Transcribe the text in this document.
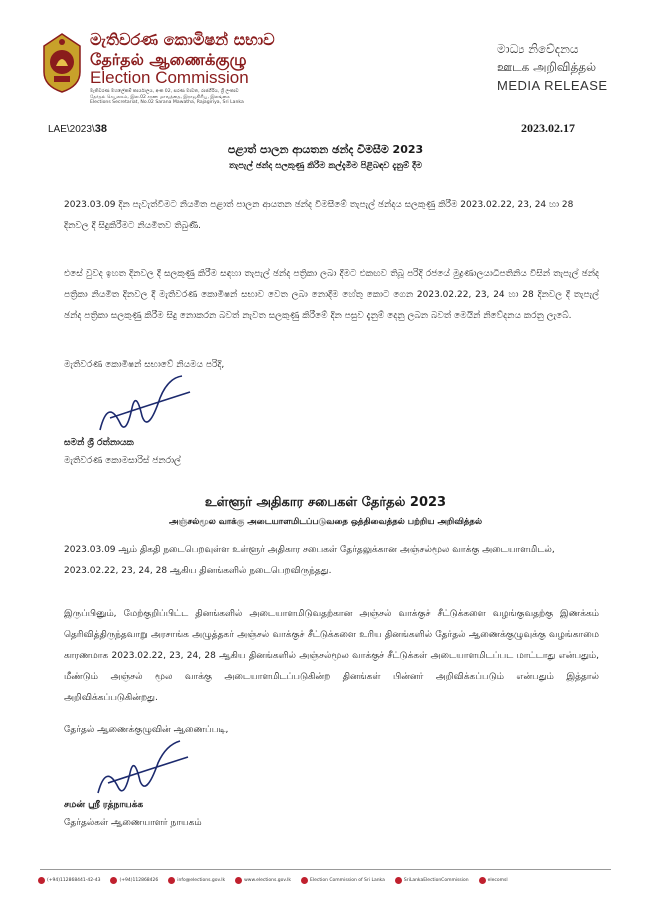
මැතිවරණ කොමිෂන් සභාව
தேர்தல் ஆணைக்குழு
Election Commission
මැතිවරණ මහලේකම් කාර්යාලය, අංක 02, සරණ මාවත, රාජගිරිය, ශ්‍රී ලංකාව
தேர்தல் செயலகம், இல.02 சரண மாவத்தை, இராஜகிரிய, இலங்கை
Elections Secretariat, No.02 Sarana Mawatha, Rajagiriya, Sri Lanka
මාධ්‍ය නිවේදනය
ஊடக அறிவித்தல்
MEDIA RELEASE
LAE\2023\38	2023.02.17
පළාත් පාලන ආයතන ඡන්ද විමසීම 2023
තැපැල් ඡන්ද සලකුණු කිරීම කල්දැමීම පිළිබඳව දැනුම් දීම
2023.03.09 දින පැවැත්වීමට නියමිත පළාත් පාලන ආයතන ඡන්ද විමසීමේ තැපැල් ඡන්දය සලකුණු කිරීම 2023.02.22, 23, 24 හා 28 දිනවල දී සිදුකිරීමට නියමිතව තිබුණි.
එසේ වුවද ඉහත දිනවල දී සලකුණු කිරීම සඳහා තැපැල් ඡන්ද පත්‍රිකා ලබා දීමට එකඟව තිබූ පරිදි රජයේ මුද්‍රණාලයාධිපතිනිය විසින් තැපැල් ඡන්ද පත්‍රිකා නියමිත දිනවල දී මැතිවරණ කොමිෂන් සභාව වෙත ලබා නොදීම හේතු කොට ගෙන 2023.02.22, 23, 24 හා 28 දිනවල දී තැපැල් ඡන්ද පත්‍රිකා සලකුණු කිරීම සිදු නොකරන බවත් නැවත සලකුණු කිරීමේ දින පසුව දැනුම් දෙනු ලබන බවත් මෙයින් නිවේදනය කරනු ලැබේ.
මැතිවරණ කොමිෂන් සභාවේ නියමය පරිදි,
සමන් ශ්‍රී රත්නායක
මැතිවරණ කොමසාරිස් ජනරාල්
உள்ளூர் அதிகார சபைகள் தேர்தல் 2023
அஞ்சல்மூல வாக்கு அடையாளமிடப்படுவதை ஒத்திவைத்தல் பற்றிய அறிவித்தல்
2023.03.09 ஆம் திகதி நடைபெறவுள்ள உள்ளூர் அதிகார சபைகள் தேர்தலுக்கான அஞ்சல்மூல வாக்கு அடையாளமிடல், 2023.02.22, 23, 24, 28 ஆகிய தினங்களில் நடைபெறவிருந்தது.
இருப்பினும், மேற்குறிப்பிட்ட தினங்களில் அடையாளமிடுவதற்கான அஞ்சல் வாக்குச் சீட்டுக்களை வழங்குவதற்கு இணக்கம் தெரிவித்திருந்தவாறு அரசாங்க அழுத்தகர் அஞ்சல் வாக்குச் சீட்டுக்களை உரிய தினங்களில் தேர்தல் ஆணைக்குழுவுக்கு வழங்காமை காரணமாக 2023.02.22, 23, 24, 28 ஆகிய தினங்களில் அஞ்சல்மூல வாக்குச் சீட்டுக்கள் அடையாளமிடப்பட மாட்டாது என்பதும், மீண்டும் அஞ்சல் மூல வாக்கு அடையாளமிடப்படுகின்ற தினங்கள் பின்னர் அறிவிக்கப்படும் என்பதும் இத்தால் அறிவிக்கப்படுகின்றது.
தேர்தல் ஆணைக்குழுவின் ஆணைப்படி,
சமன் ஸ்ரீ ரத்நாயக்க
தேர்தல்கள் ஆணையாளர் நாயகம்
(+94)112868441-42-43	(+94)112868426	info@elections.gov.lk	www.elections.gov.lk	Election Commission of Sri Lanka	SriLankaElectionCommission	elecomsl
